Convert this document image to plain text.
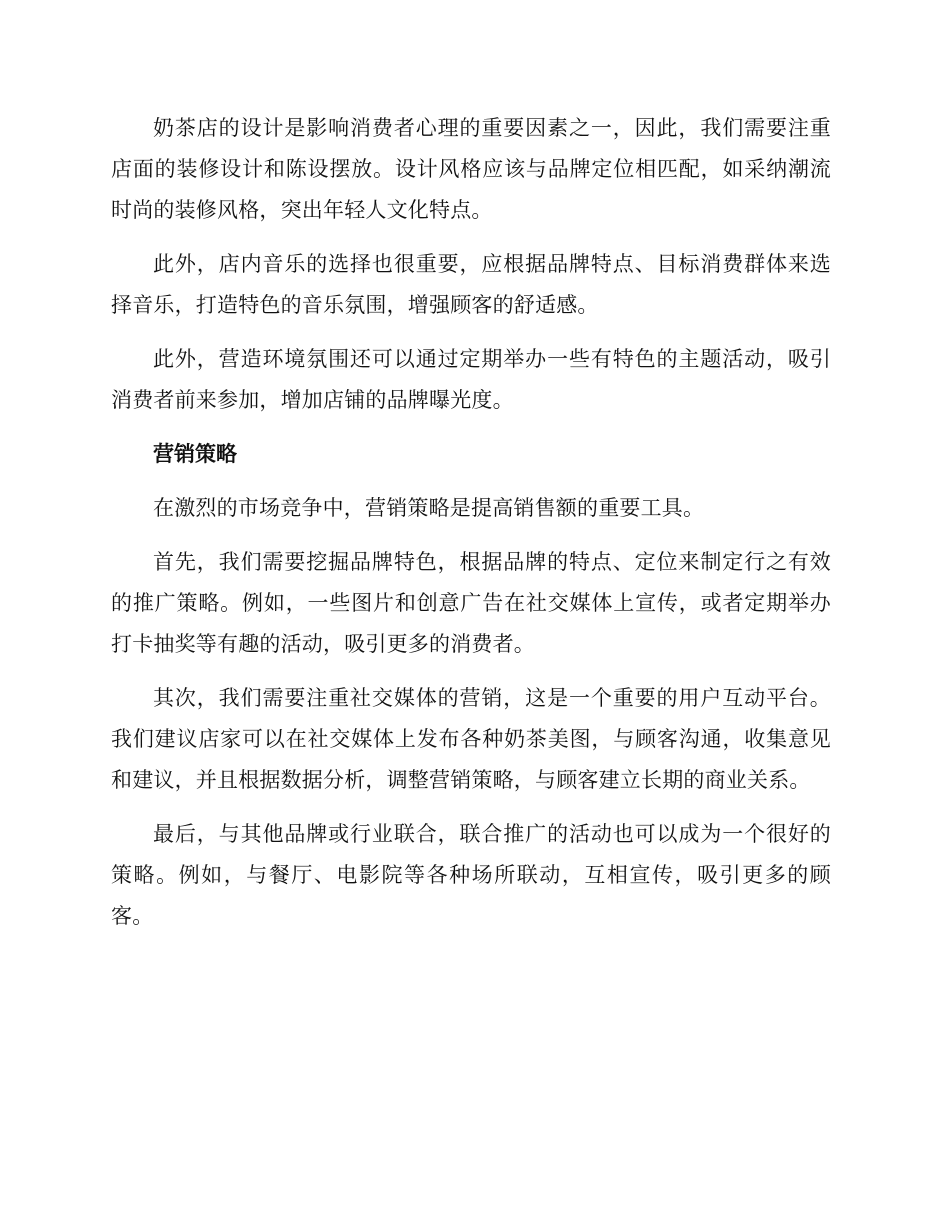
奶茶店的设计是影响消费者心理的重要因素之一，因此，我们需要注重店面的装修设计和陈设摆放。设计风格应该与品牌定位相匹配，如采纳潮流时尚的装修风格，突出年轻人文化特点。

此外，店内音乐的选择也很重要，应根据品牌特点、目标消费群体来选择音乐，打造特色的音乐氛围，增强顾客的舒适感。

此外，营造环境氛围还可以通过定期举办一些有特色的主题活动，吸引消费者前来参加，增加店铺的品牌曝光度。

营销策略

在激烈的市场竞争中，营销策略是提高销售额的重要工具。

首先，我们需要挖掘品牌特色，根据品牌的特点、定位来制定行之有效的推广策略。例如，一些图片和创意广告在社交媒体上宣传，或者定期举办打卡抽奖等有趣的活动，吸引更多的消费者。

其次，我们需要注重社交媒体的营销，这是一个重要的用户互动平台。我们建议店家可以在社交媒体上发布各种奶茶美图，与顾客沟通，收集意见和建议，并且根据数据分析，调整营销策略，与顾客建立长期的商业关系。

最后，与其他品牌或行业联合，联合推广的活动也可以成为一个很好的策略。例如，与餐厅、电影院等各种场所联动，互相宣传，吸引更多的顾客。
